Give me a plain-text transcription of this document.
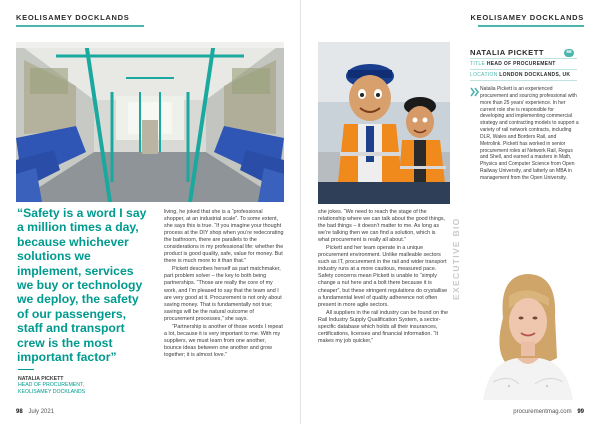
KEOLISAMEY DOCKLANDS
“Safety is a word I say a million times a day, because whichever solutions we implement, services we buy or technology we deploy, the safety of our passengers, staff and transport crew is the most important factor”
NATALIA PICKETT
HEAD OF PROCUREMENT,
KEOLISAMEY DOCKLANDS

living, he joked that she is a “professional shopper, at an industrial scale”. To some extent, she says this is true. “If you imagine your thought process at the DIY shop when you’re redecorating the bathroom, there are parallels to the considerations in my professional life: whether the product is good quality, safe, value for money. But there is much more to it than that.”

Pickett describes herself as part matchmaker, part problem solver – the key to both being partnerships. “Those are really the core of my work, and I’m pleased to say that the team and I are very good at it. Procurement is not only about saving money. That is fundamentally not true; savings will be the natural outcome of procurement processes,” she says.

“Partnership is another of those words I repeat a lot, because it is very important to me. With my suppliers, we must learn from one another, bounce ideas between one another and grow together; it is almost love.”

98 July 2021
KEOLISAMEY DOCKLANDS

she jokes. “We need to reach the stage of the relationship where we can talk about the good things, the bad things – it doesn’t matter to me. As long as we’re talking then we can find a solution, which is what procurement is really all about.”

Pickett and her team operate in a unique procurement environment. Unlike malleable sectors such as IT, procurement in the rail and wider transport industry runs at a more cautious, measured pace. Safety concerns mean Pickett is unable to “simply change a nut here and a bolt there because it is cheaper”, but these stringent regulations do crystallise a fundamental level of quality adherence not often present in more agile sectors.

All suppliers in the rail industry can be found on the Rail Industry Supply Qualification System, a sector-specific database which holds all their insurances, certifications, licenses and financial information. “It makes my job quicker,”

NATALIA PICKETT	66
TITLE HEAD OF PROCUREMENT
LOCATION LONDON DOCKLANDS, UK
Natalia Pickett is an experienced procurement and sourcing professional with more than 25 years’ experience. In her current role she is responsible for developing and implementing commercial strategy and contracting models to support a variety of rail network contracts, including DLR, Wales and Borders Rail, and Metrolink. Pickett has worked in senior procurement roles at Network Rail, Regus and Shell, and earned a masters in Math, Physics and Computer Science from Open Railway University, and latterly an MBA in management from the Open University.
EXECUTIVE BIO
procurementmag.com 99
